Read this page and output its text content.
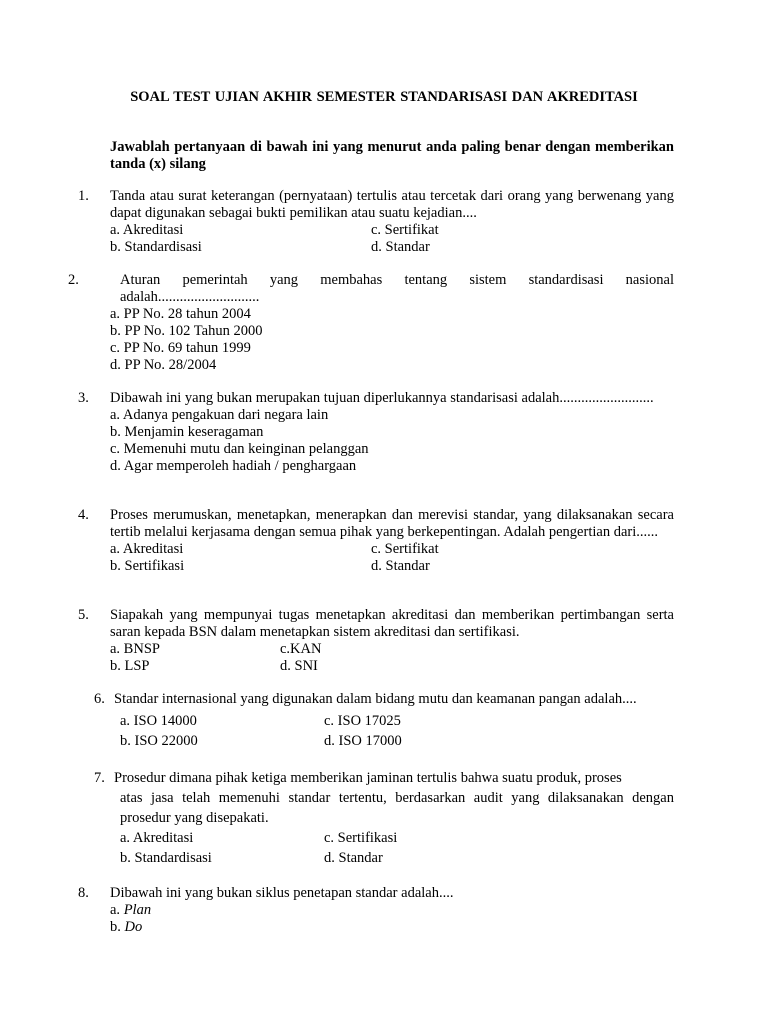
SOAL TEST UJIAN AKHIR SEMESTER STANDARISASI DAN AKREDITASI
Jawablah pertanyaan di bawah ini yang menurut anda paling benar dengan memberikan tanda (x) silang
1. Tanda atau surat keterangan (pernyataan) tertulis atau tercetak dari orang yang berwenang yang dapat digunakan sebagai bukti pemilikan atau suatu kejadian....
a. Akreditasi	c. Sertifikat
b. Standardisasi	d. Standar
2.	Aturan pemerintah yang membahas tentang sistem standardisasi nasional adalah............................
a. PP No. 28 tahun 2004
b. PP No. 102 Tahun 2000
c. PP No. 69 tahun 1999
d. PP No. 28/2004
3. Dibawah ini yang bukan merupakan tujuan diperlukannya standarisasi adalah..........................
a. Adanya pengakuan dari negara lain
b. Menjamin keseragaman
c. Memenuhi mutu dan keinginan pelanggan
d. Agar memperoleh hadiah / penghargaan
4. Proses merumuskan, menetapkan, menerapkan dan merevisi standar, yang dilaksanakan secara tertib melalui kerjasama dengan semua pihak yang berkepentingan. Adalah pengertian dari......
a. Akreditasi	c. Sertifikat
b. Sertifikasi	d. Standar
5. Siapakah yang mempunyai tugas menetapkan akreditasi dan memberikan pertimbangan serta saran kepada BSN dalam menetapkan sistem akreditasi dan sertifikasi.
a. BNSP	c.KAN
b. LSP	d. SNI
6. Standar internasional yang digunakan dalam bidang mutu dan keamanan pangan adalah....
a. ISO 14000	c. ISO 17025
b. ISO 22000	d. ISO 17000
7. Prosedur dimana pihak ketiga memberikan jaminan tertulis bahwa suatu produk, proses
atas jasa telah memenuhi standar tertentu, berdasarkan audit yang dilaksanakan dengan prosedur yang disepakati.
a. Akreditasi	c. Sertifikasi
b. Standardisasi	d. Standar
8. Dibawah ini yang bukan siklus penetapan standar adalah....
a. Plan
b. Do
